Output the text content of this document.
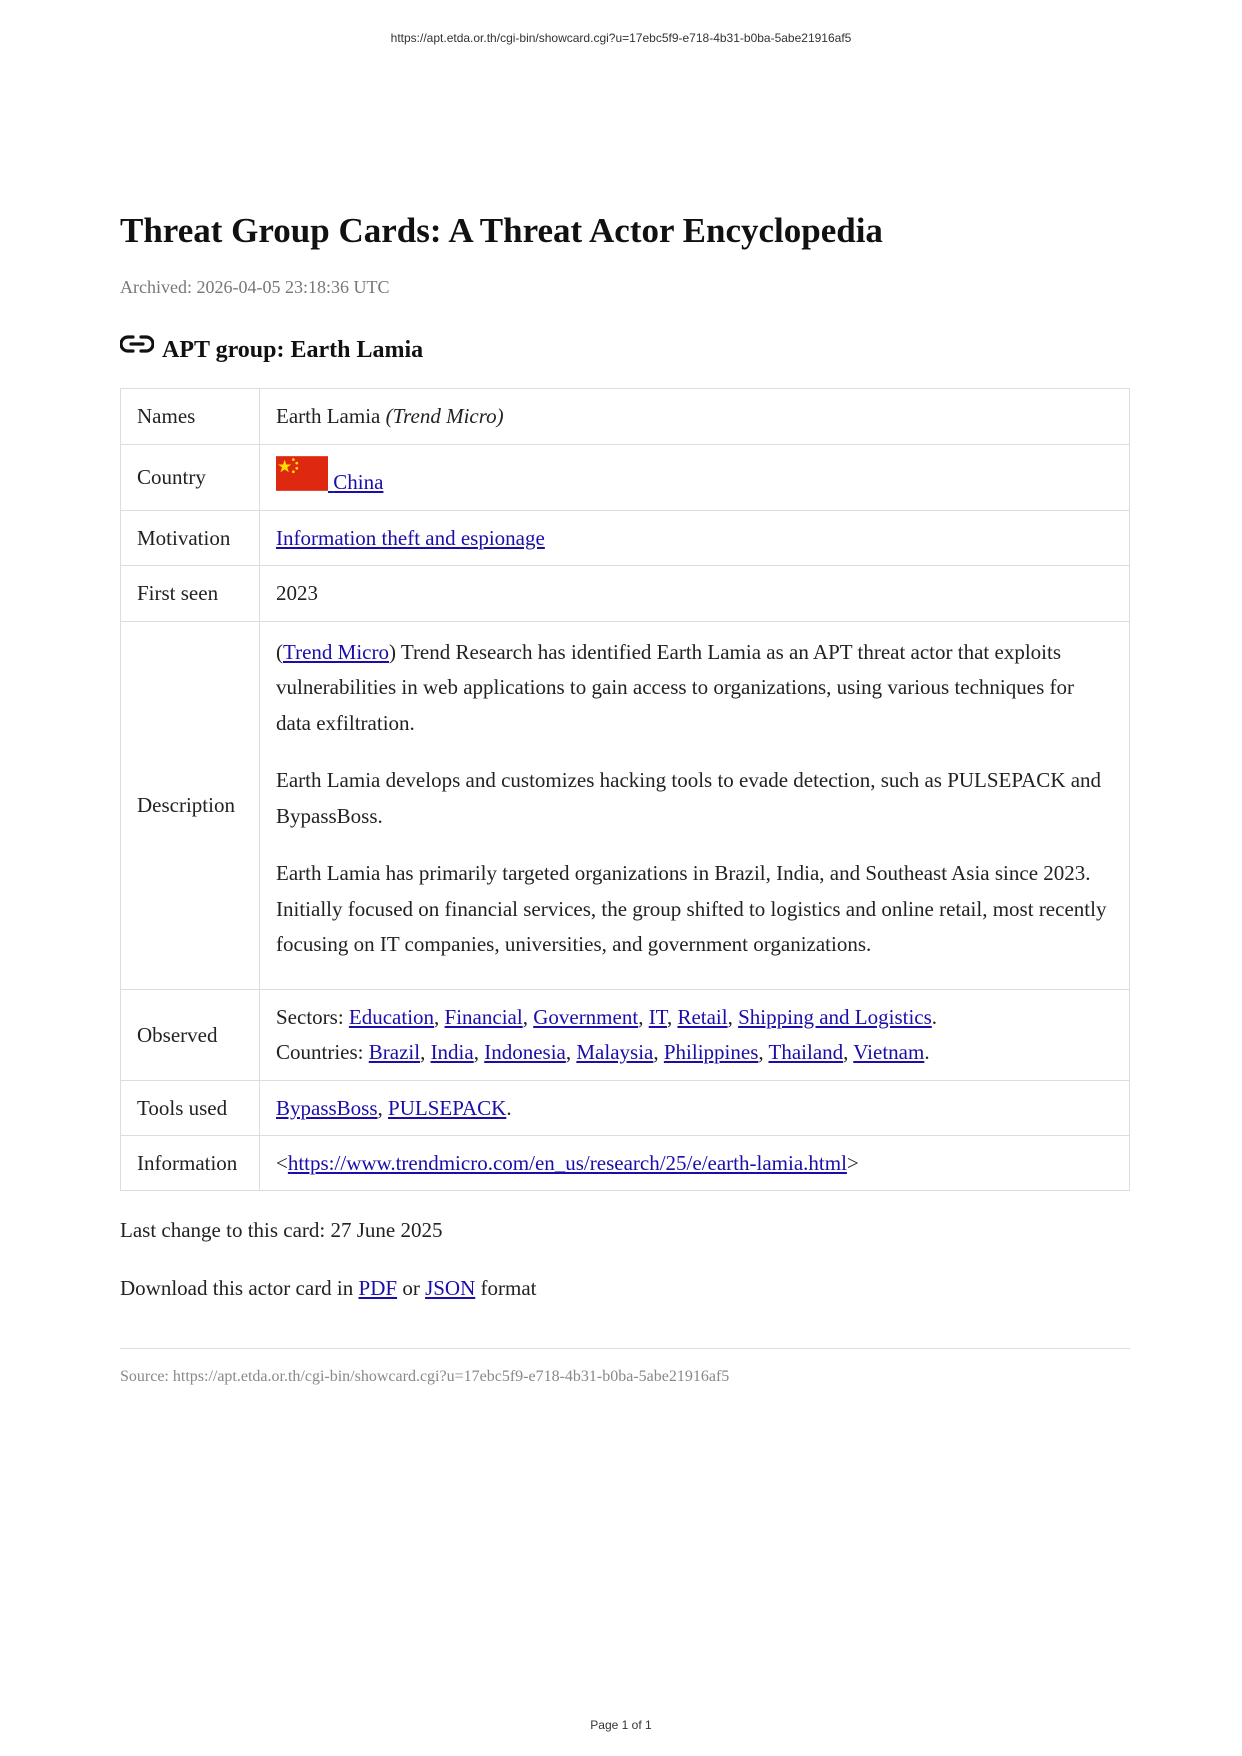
https://apt.etda.or.th/cgi-bin/showcard.cgi?u=17ebc5f9-e718-4b31-b0ba-5abe21916af5
Threat Group Cards: A Threat Actor Encyclopedia
Archived: 2026-04-05 23:18:36 UTC
APT group: Earth Lamia
Names	Earth Lamia (Trend Micro)
Country	China
Motivation	Information theft and espionage
First seen	2023
Description	(Trend Micro) Trend Research has identified Earth Lamia as an APT threat actor that exploits vulnerabilities in web applications to gain access to organizations, using various techniques for data exfiltration.

Earth Lamia develops and customizes hacking tools to evade detection, such as PULSEPACK and BypassBoss.

Earth Lamia has primarily targeted organizations in Brazil, India, and Southeast Asia since 2023. Initially focused on financial services, the group shifted to logistics and online retail, most recently focusing on IT companies, universities, and government organizations.

Observed	Sectors: Education, Financial, Government, IT, Retail, Shipping and Logistics.
Countries: Brazil, India, Indonesia, Malaysia, Philippines, Thailand, Vietnam.

Tools used	BypassBoss, PULSEPACK.
Information	<https://www.trendmicro.com/en_us/research/25/e/earth-lamia.html>

Last change to this card: 27 June 2025

Download this actor card in PDF or JSON format

Source: https://apt.etda.or.th/cgi-bin/showcard.cgi?u=17ebc5f9-e718-4b31-b0ba-5abe21916af5
Page 1 of 1
